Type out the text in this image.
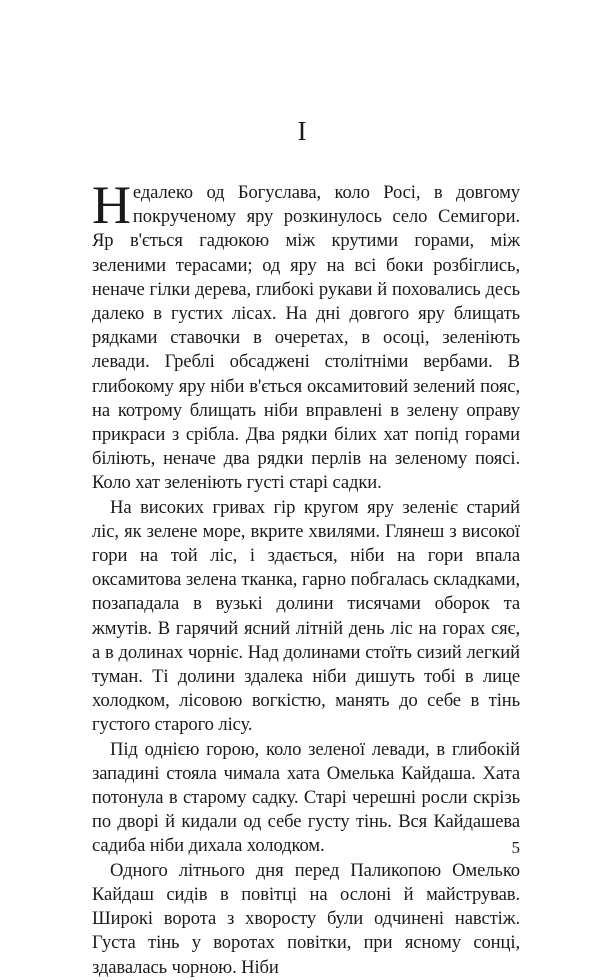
I

Недалеко од Богуслава, коло Росі, в довгому покрученому яру розкинулось село Семигори. Яр в'ється гадюкою між крутими горами, між зеленими терасами; од яру на всі боки розбіглись, неначе гілки дерева, глибокі рукави й поховались десь далеко в густих лісах. На дні довгого яру блищать рядками ставочки в очеретах, в осоці, зеленіють левади. Греблі обсаджені столітніми вербами. В глибокому яру ніби в'ється оксамитовий зелений пояс, на котрому блищать ніби вправлені в зелену оправу прикраси з срібла. Два рядки білих хат попід горами біліють, неначе два рядки перлів на зеленому поясі. Коло хат зеленіють густі старі садки.

На високих гривах гір кругом яру зеленіє старий ліс, як зелене море, вкрите хвилями. Глянеш з високої гори на той ліс, і здається, ніби на гори впала оксамитова зелена тканка, гарно побгалась складками, позападала в вузькі долини тисячами оборок та жмутів. В гарячий ясний літній день ліс на горах сяє, а в долинах чорніє. Над долинами стоїть сизий легкий туман. Ті долини здалека ніби дишуть тобі в лице холодком, лісовою вогкістю, манять до себе в тінь густого старого лісу.

Під однією горою, коло зеленої левади, в глибокій западині стояла чимала хата Омелька Кайдаша. Хата потонула в старому садку. Старі черешні росли скрізь по дворі й кидали од себе густу тінь. Вся Кайдашева садиба ніби дихала холодком.

Одного літнього дня перед Паликопою Омелько Кайдаш сидів в повітці на ослоні й майстрував. Широкі ворота з хворосту були одчинені навстіж. Густа тінь у воротах повітки, при ясному сонці, здавалась чорною. Ніби

5
